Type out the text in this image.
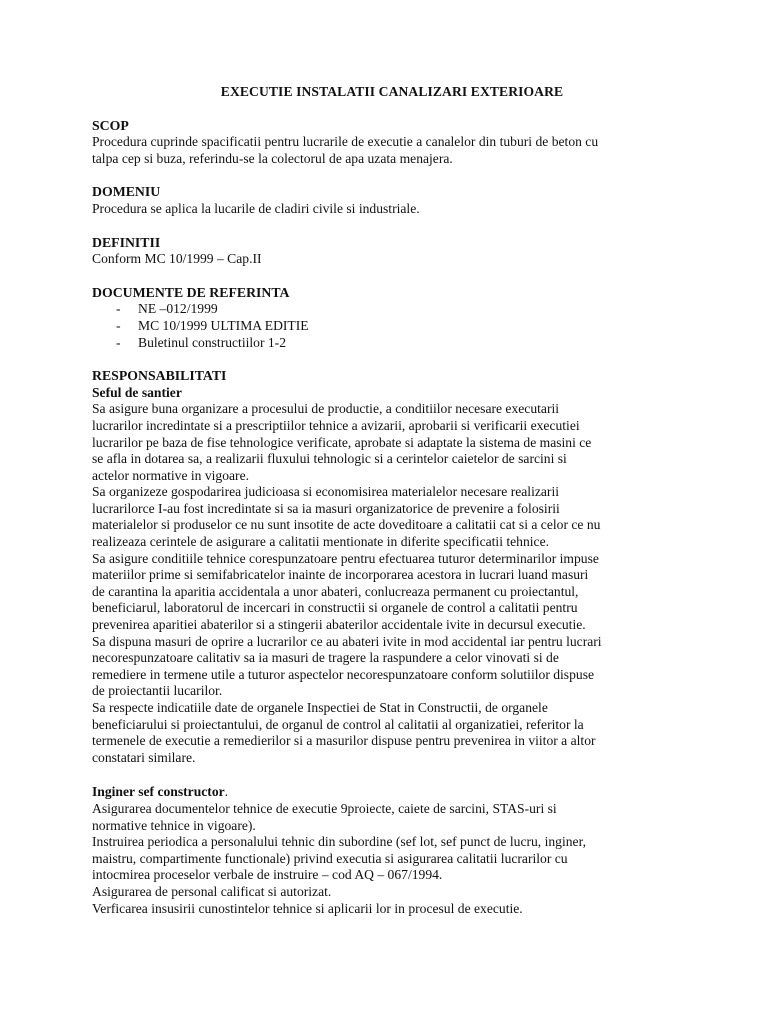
EXECUTIE INSTALATII CANALIZARI EXTERIOARE
SCOP

Procedura cuprinde spacificatii pentru lucrarile de executie a canalelor din tuburi de beton cu

talpa cep si buza, referindu-se la colectorul de apa uzata menajera.

DOMENIU

Procedura se aplica la lucarile de cladiri civile si industriale.

DEFINITII

Conform MC 10/1999 – Cap.II

DOCUMENTE DE REFERINTA
- NE –012/1999
- MC 10/1999 ULTIMA EDITIE
- Buletinul constructiilor 1-2
RESPONSABILITATI
Seful de santier

Sa asigure buna organizare a procesului de productie, a conditiilor necesare executarii

lucrarilor incredintate si a prescriptiilor tehnice a avizarii, aprobarii si verificarii executiei

lucrarilor pe baza de fise tehnologice verificate, aprobate si adaptate la sistema de masini ce

se afla in dotarea sa, a realizarii fluxului tehnologic si a cerintelor caietelor de sarcini si

actelor normative in vigoare.

Sa organizeze gospodarirea judicioasa si economisirea materialelor necesare realizarii

lucrarilorce I-au fost incredintate si sa ia masuri organizatorice de prevenire a folosirii

materialelor si produselor ce nu sunt insotite de acte doveditoare a calitatii cat si a celor ce nu

realizeaza cerintele de asigurare a calitatii mentionate in diferite specificatii tehnice.

Sa asigure conditiile tehnice corespunzatoare pentru efectuarea tuturor determinarilor impuse

materiilor prime si semifabricatelor inainte de incorporarea acestora in lucrari luand masuri

de carantina la aparitia accidentala a unor abateri, conlucreaza permanent cu proiectantul,

beneficiarul, laboratorul de incercari in constructii si organele de control a calitatii pentru

prevenirea aparitiei abaterilor si a stingerii abaterilor accidentale ivite in decursul executie.

Sa dispuna masuri de oprire a lucrarilor ce au abateri ivite in mod accidental iar pentru lucrari

necorespunzatoare calitativ sa ia masuri de tragere la raspundere a celor vinovati si de

remediere in termene utile a tuturor aspectelor necorespunzatoare conform solutiilor dispuse

de proiectantii lucarilor.

Sa respecte indicatiile date de organele Inspectiei de Stat in Constructii, de organele

beneficiarului si proiectantului, de organul de control al calitatii al organizatiei, referitor la

termenele de executie a remedierilor si a masurilor dispuse pentru prevenirea in viitor a altor

constatari similare.

Inginer sef constructor.

Asigurarea documentelor tehnice de executie 9proiecte, caiete de sarcini, STAS-uri si

normative tehnice in vigoare).

Instruirea periodica a personalului tehnic din subordine (sef lot, sef punct de lucru, inginer,

maistru, compartimente functionale) privind executia si asigurarea calitatii lucrarilor cu

intocmirea proceselor verbale de instruire – cod AQ – 067/1994.

Asigurarea de personal calificat si autorizat.

Verficarea insusirii cunostintelor tehnice si aplicarii lor in procesul de executie.
